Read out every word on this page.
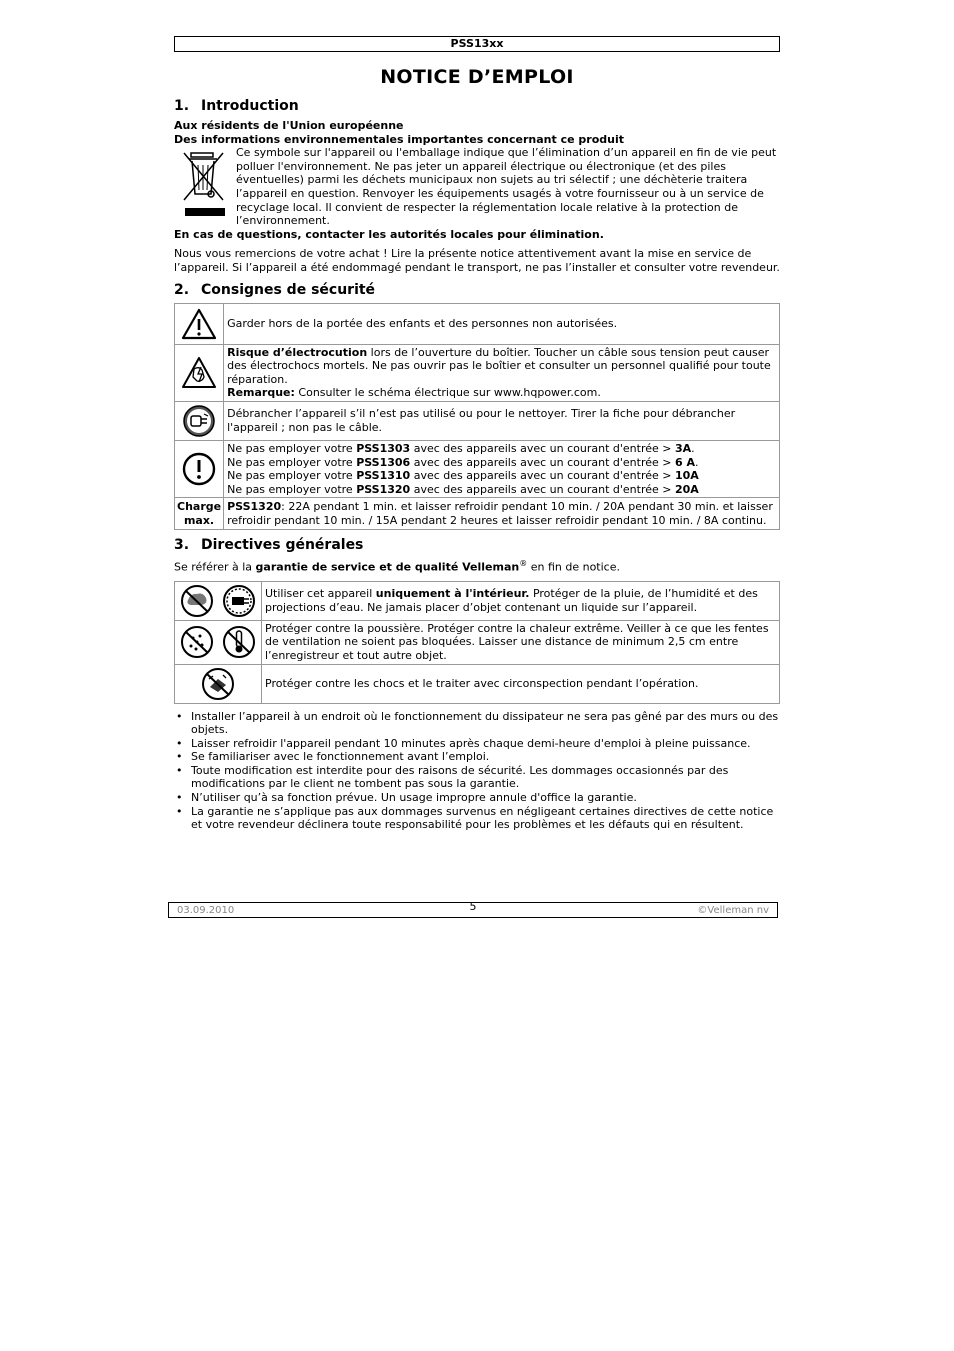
PSS13xx
NOTICE D’EMPLOI
1. Introduction

Aux résidents de l'Union européenne

Des informations environnementales importantes concernant ce produit

Ce symbole sur l'appareil ou l'emballage indique que l’élimination d’un appareil en fin de vie peut polluer l'environnement. Ne pas jeter un appareil électrique ou électronique (et des piles éventuelles) parmi les déchets municipaux non sujets au tri sélectif ; une déchèterie traitera l’appareil en question. Renvoyer les équipements usagés à votre fournisseur ou à un service de recyclage local. Il convient de respecter la réglementation locale relative à la protection de l’environnement.

En cas de questions, contacter les autorités locales pour élimination.

Nous vous remercions de votre achat ! Lire la présente notice attentivement avant la mise en service de l’appareil. Si l’appareil a été endommagé pendant le transport, ne pas l’installer et consulter votre revendeur.

2. Consignes de sécurité
	Garder hors de la portée des enfants et des personnes non autorisées.

	Risque d’électrocution lors de l’ouverture du boîtier. Toucher un câble sous tension peut causer des électrochocs mortels. Ne pas ouvrir pas le boîtier et consulter un personnel qualifié pour toute réparation.
Remarque: Consulter le schéma électrique sur www.hqpower.com.

	Débrancher l’appareil s’il n’est pas utilisé ou pour le nettoyer. Tirer la fiche pour débrancher l'appareil ; non pas le câble.

Ne pas employer votre PSS1303 avec des appareils avec un courant d'entrée > 3A.
Ne pas employer votre PSS1306 avec des appareils avec un courant d'entrée > 6 A.
Ne pas employer votre PSS1310 avec des appareils avec un courant d'entrée > 10A
Ne pas employer votre PSS1320 avec des appareils avec un courant d'entrée > 20A

Charge max.	PSS1320: 22A pendant 1 min. et laisser refroidir pendant 10 min. / 20A pendant 30 min. et laisser refroidir pendant 10 min. / 15A pendant 2 heures et laisser refroidir pendant 10 min. / 8A continu.
3. Directives générales

Se référer à la garantie de service et de qualité Velleman® en fin de notice.

	Utiliser cet appareil uniquement à l'intérieur. Protéger de la pluie, de l’humidité et des projections d’eau. Ne jamais placer d’objet contenant un liquide sur l’appareil.

	Protéger contre la poussière. Protéger contre la chaleur extrême. Veiller à ce que les fentes de ventilation ne soient pas bloquées. Laisser une distance de minimum 2,5 cm entre l’enregistreur et tout autre objet.

	Protéger contre les chocs et le traiter avec circonspection pendant l’opération.
• Installer l’appareil à un endroit où le fonctionnement du dissipateur ne sera pas gêné par des murs ou des objets.
• Laisser refroidir l'appareil pendant 10 minutes après chaque demi-heure d'emploi à pleine puissance.
• Se familiariser avec le fonctionnement avant l’emploi.
• Toute modification est interdite pour des raisons de sécurité. Les dommages occasionnés par des modifications par le client ne tombent pas sous la garantie.
• N’utiliser qu’à sa fonction prévue. Un usage impropre annule d'office la garantie.
• La garantie ne s’applique pas aux dommages survenus en négligeant certaines directives de cette notice et votre revendeur déclinera toute responsabilité pour les problèmes et les défauts qui en résultent.
03.09.2010	5	©Velleman nv
